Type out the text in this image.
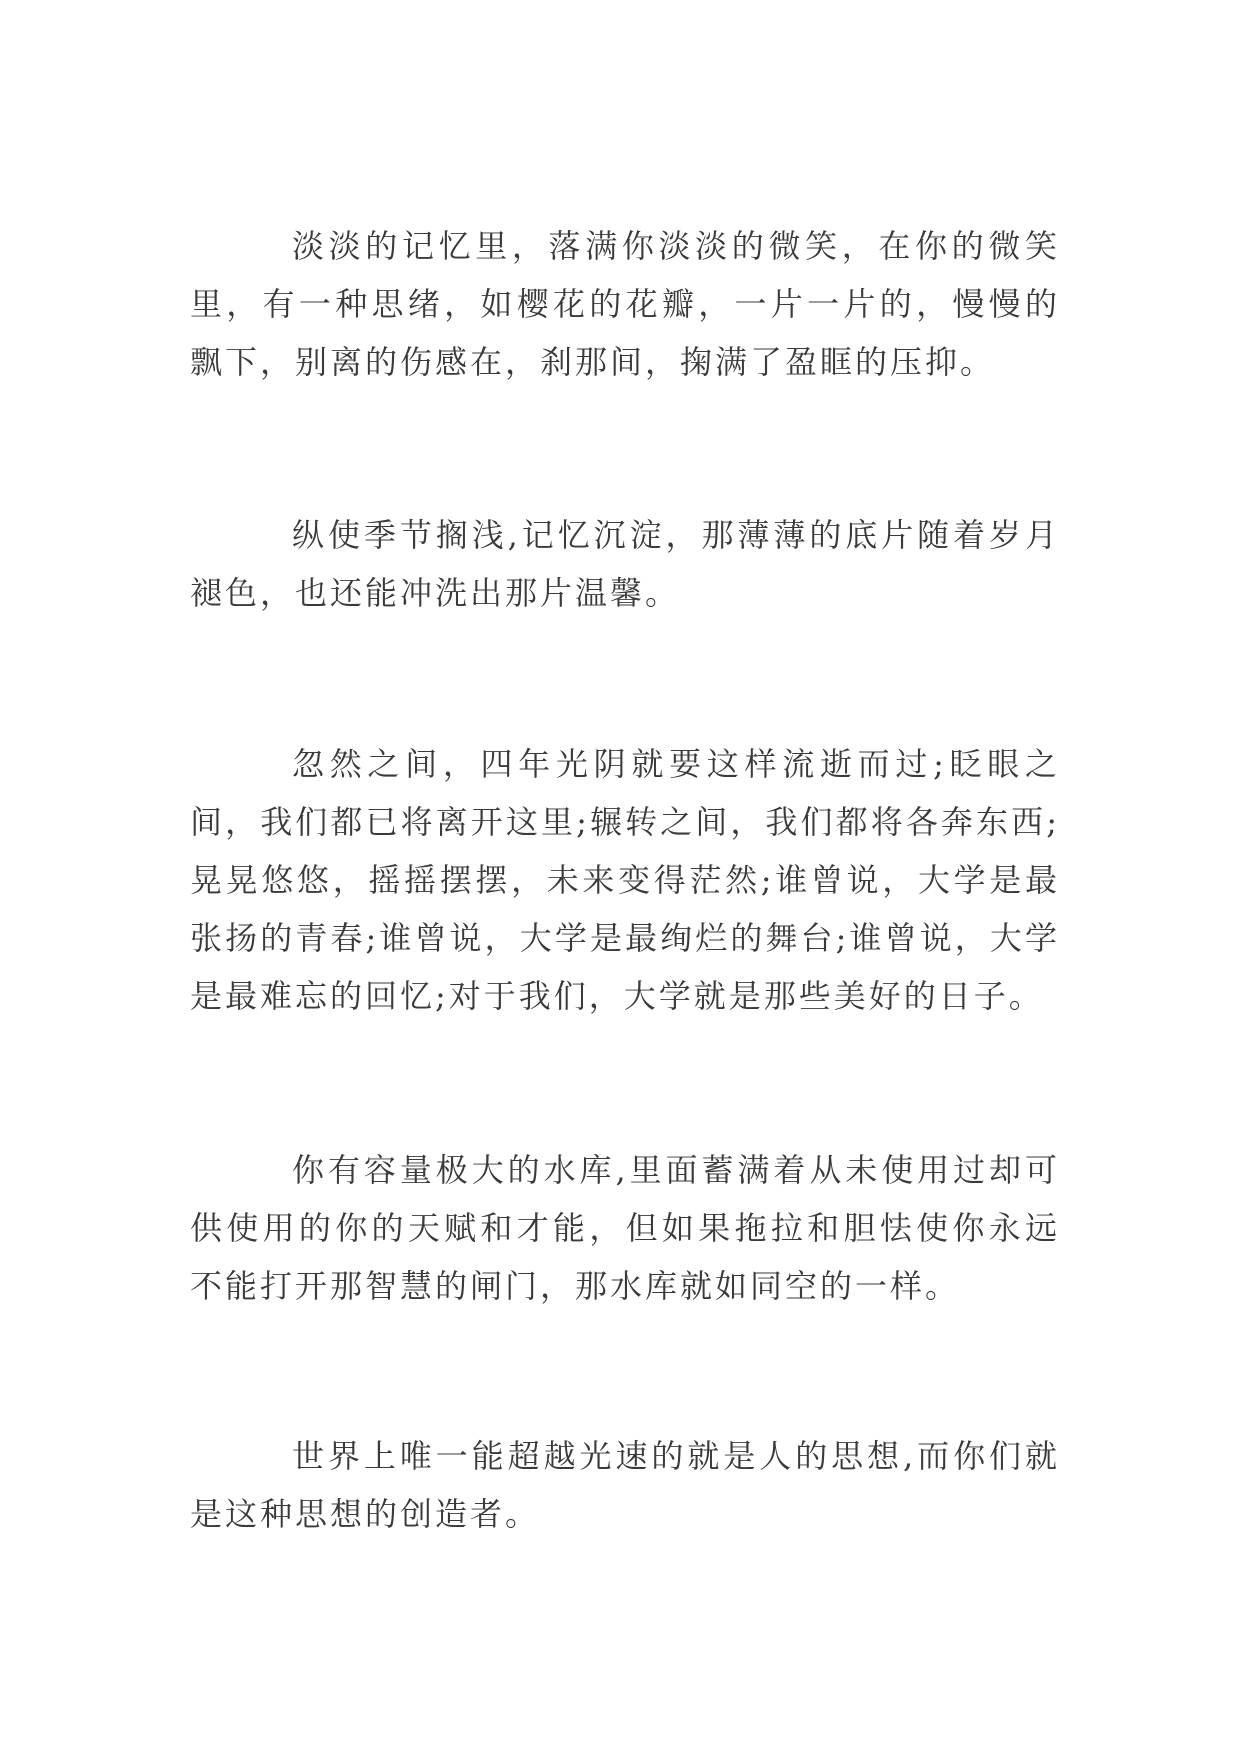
淡淡的记忆里，落满你淡淡的微笑，在你的微笑里，有一种思绪，如樱花的花瓣，一片一片的，慢慢的飘下，别离的伤感在，刹那间，掬满了盈眶的压抑。

纵使季节搁浅,记忆沉淀，那薄薄的底片随着岁月褪色，也还能冲洗出那片温馨。

忽然之间，四年光阴就要这样流逝而过;眨眼之间，我们都已将离开这里;辗转之间，我们都将各奔东西;晃晃悠悠，摇摇摆摆，未来变得茫然;谁曾说，大学是最张扬的青春;谁曾说，大学是最绚烂的舞台;谁曾说，大学是最难忘的回忆;对于我们，大学就是那些美好的日子。

你有容量极大的水库,里面蓄满着从未使用过却可供使用的你的天赋和才能，但如果拖拉和胆怯使你永远不能打开那智慧的闸门，那水库就如同空的一样。

世界上唯一能超越光速的就是人的思想,而你们就是这种思想的创造者。
